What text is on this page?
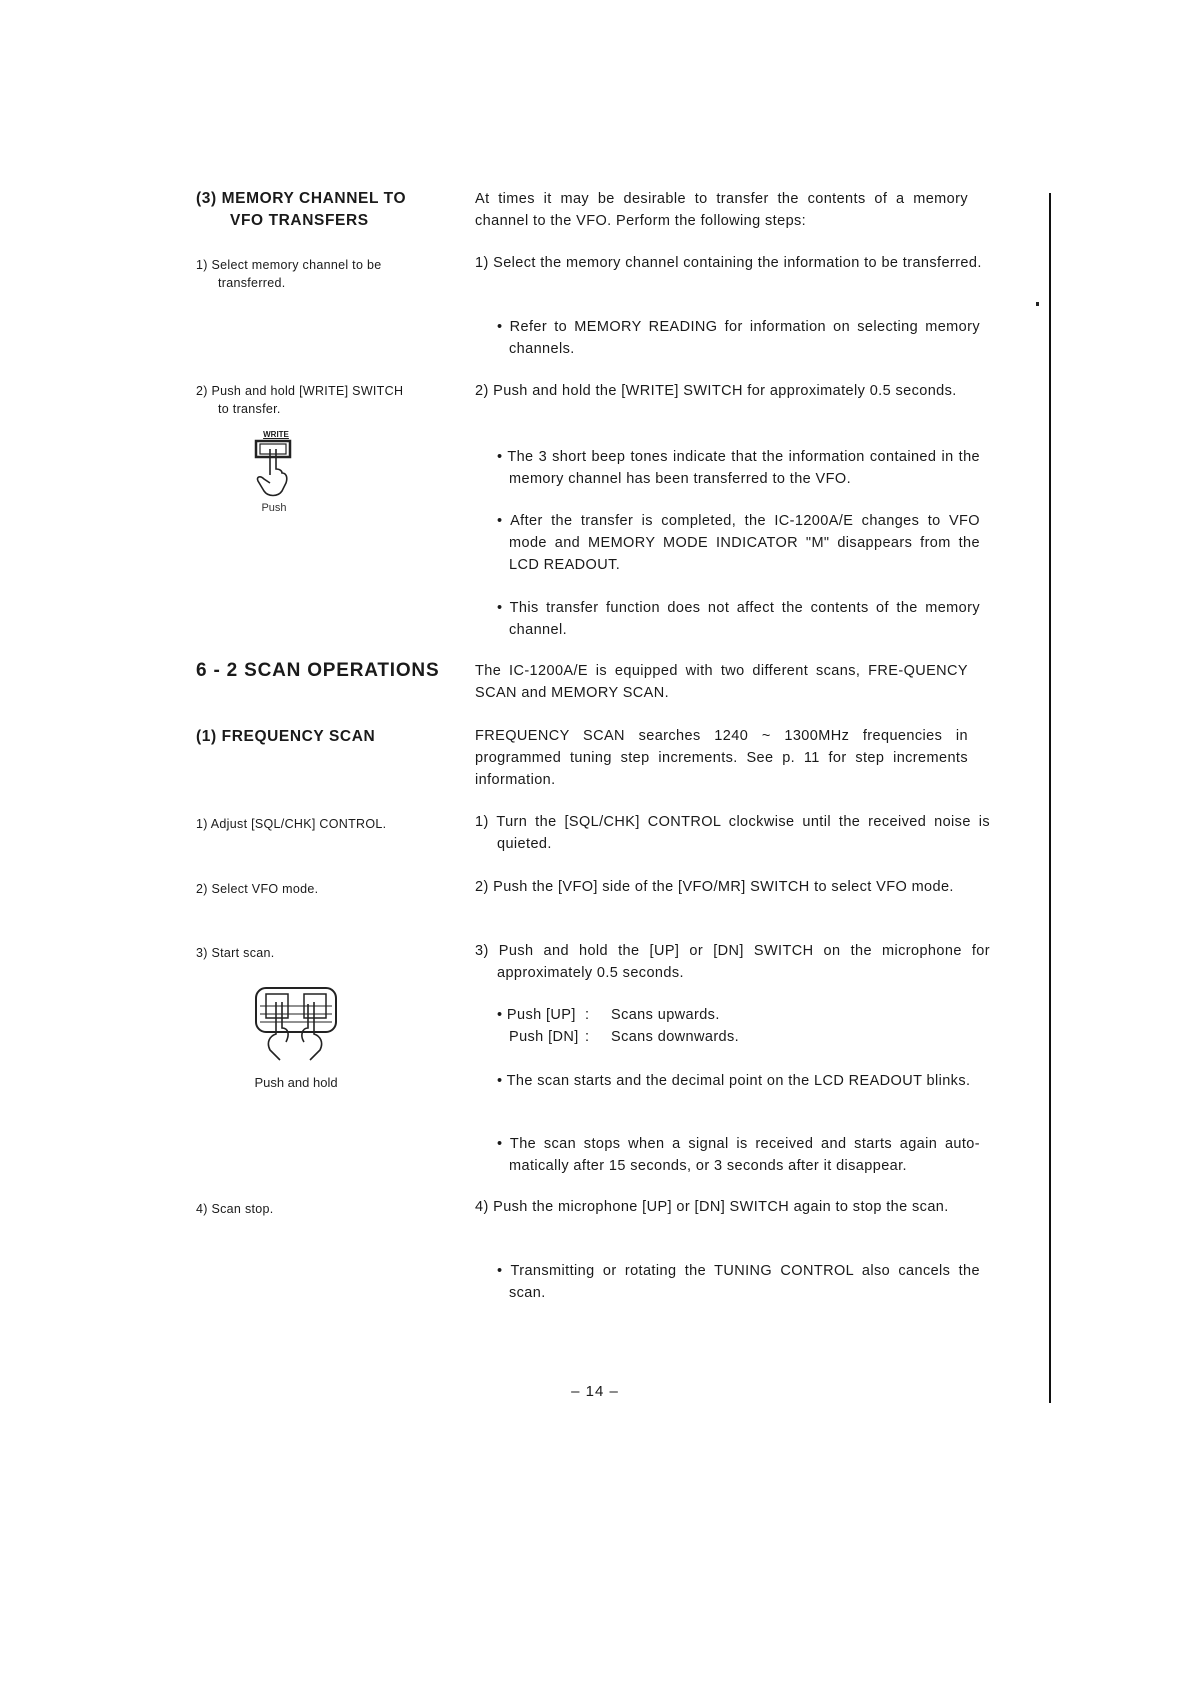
(3) MEMORY CHANNEL TO
VFO TRANSFERS
At times it may be desirable to transfer the contents of a memory channel to the VFO. Perform the following steps:
1) Select memory channel to be
transferred.
1) Select the memory channel containing the information to be transferred.
• Refer to MEMORY READING for information on selecting memory channels.
2) Push and hold [WRITE] SWITCH
to transfer.
WRITE
Push
2) Push and hold the [WRITE] SWITCH for approximately 0.5 seconds.
• The 3 short beep tones indicate that the information contained in the memory channel has been transferred to the VFO.
• After the transfer is completed, the IC-1200A/E changes to VFO mode and MEMORY MODE INDICATOR "M" disappears from the LCD READOUT.
• This transfer function does not affect the contents of the memory channel.
6 - 2 SCAN OPERATIONS	The IC-1200A/E is equipped with two different scans, FRE-QUENCY SCAN and MEMORY SCAN.
(1) FREQUENCY SCAN	FREQUENCY SCAN searches 1240 ~ 1300MHz frequencies in programmed tuning step increments. See p. 11 for step increments information.
1) Adjust [SQL/CHK] CONTROL.	1) Turn the [SQL/CHK] CONTROL clockwise until the received noise is quieted.
2) Select VFO mode.	2) Push the [VFO] side of the [VFO/MR] SWITCH to select VFO mode.
3) Start scan.	3) Push and hold the [UP] or [DN] SWITCH on the microphone for approximately 0.5 seconds.
Push and hold
• Push [UP] : Scans upwards.
Push [DN] : Scans downwards.
• The scan starts and the decimal point on the LCD READOUT blinks.
• The scan stops when a signal is received and starts again auto-matically after 15 seconds, or 3 seconds after it disappear.
4) Scan stop.	4) Push the microphone [UP] or [DN] SWITCH again to stop the scan.
• Transmitting or rotating the TUNING CONTROL also cancels the scan.
– 14 –
